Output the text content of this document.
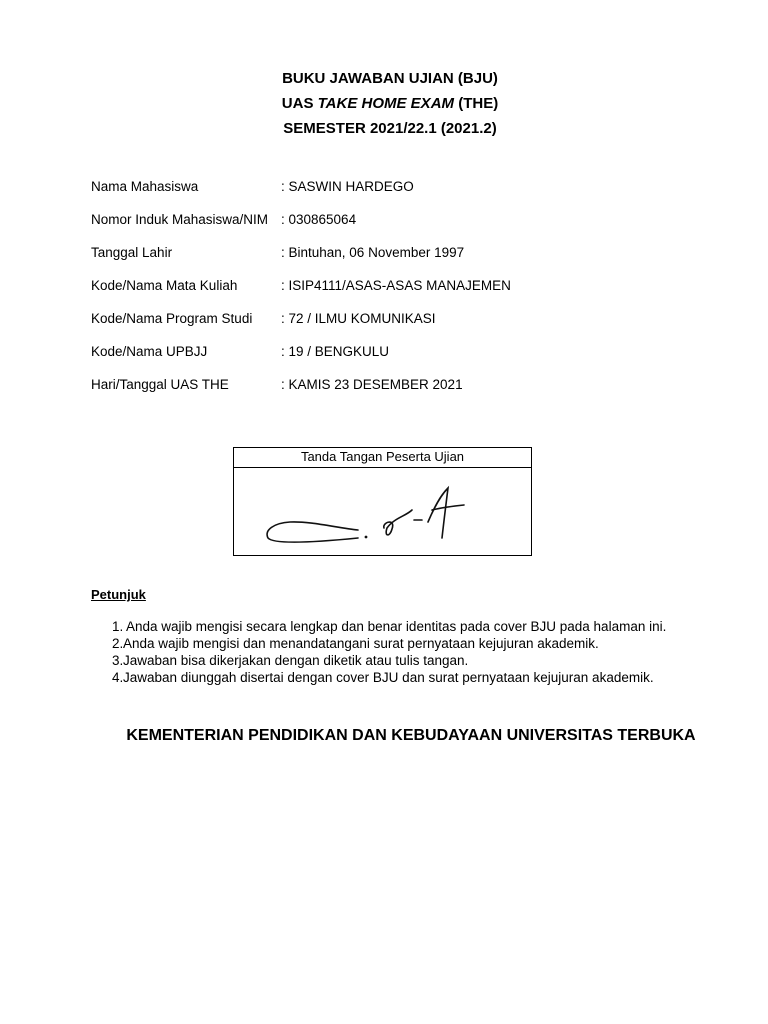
BUKU JAWABAN UJIAN (BJU)
UAS TAKE HOME EXAM (THE)
SEMESTER 2021/22.1 (2021.2)
Nama Mahasiswa	: SASWIN HARDEGO
Nomor Induk Mahasiswa/NIM : 030865064
Tanggal Lahir	: Bintuhan, 06 November 1997
Kode/Nama Mata Kuliah	: ISIP4111/ASAS-ASAS MANAJEMEN
Kode/Nama Program Studi	: 72 / ILMU KOMUNIKASI
Kode/Nama UPBJJ	: 19 / BENGKULU
Hari/Tanggal UAS THE	: KAMIS 23 DESEMBER 2021
Tanda Tangan Peserta Ujian
Petunjuk
1. Anda wajib mengisi secara lengkap dan benar identitas pada cover BJU pada halaman ini.
2. Anda wajib mengisi dan menandatangani surat pernyataan kejujuran akademik.
3. Jawaban bisa dikerjakan dengan diketik atau tulis tangan.
4. Jawaban diunggah disertai dengan cover BJU dan surat pernyataan kejujuran akademik.
KEMENTERIAN PENDIDIKAN DAN KEBUDAYAAN UNIVERSITAS TERBUKA
